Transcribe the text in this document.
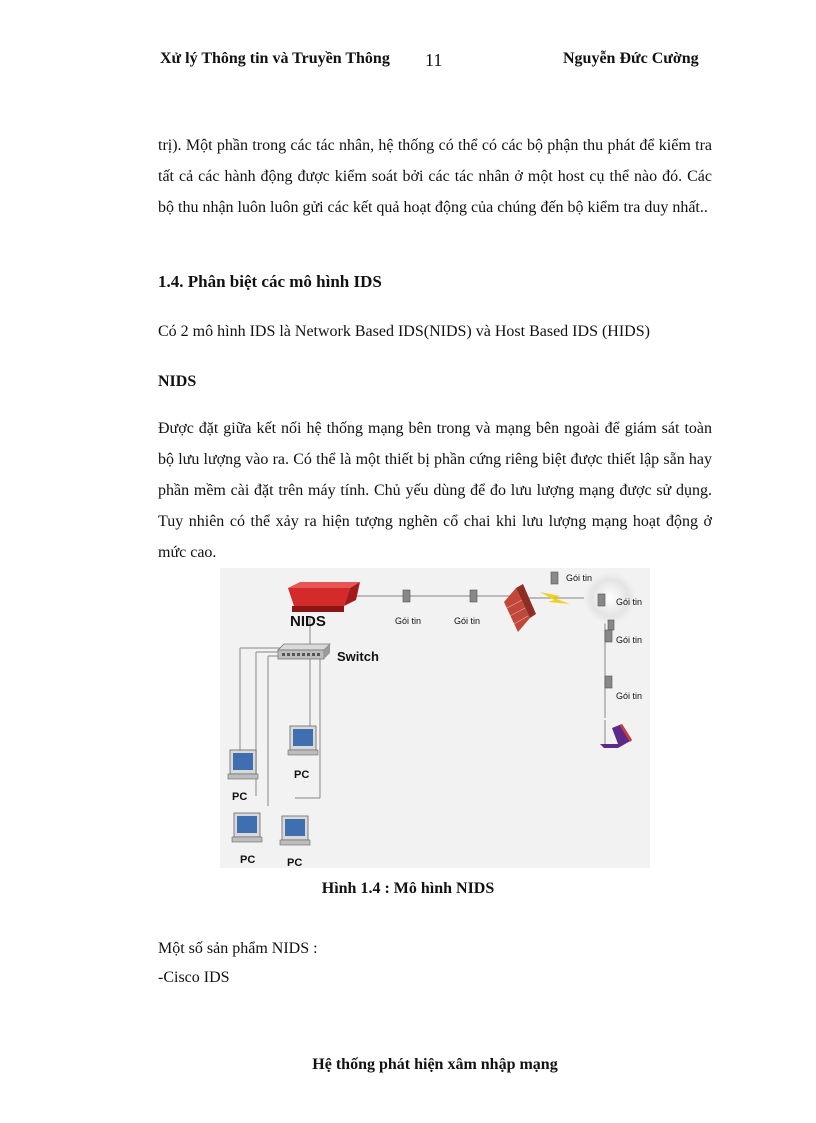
Xử lý Thông tin và Truyền Thông 11	Nguyễn Đức Cường
trị). Một phần trong các tác nhân, hệ thống có thể có các bộ phận thu phát để kiểm tra tất cả các hành động được kiểm soát bởi các tác nhân ở một host cụ thể nào đó. Các bộ thu nhận luôn luôn gửi các kết quả hoạt động của chúng đến bộ kiểm tra duy nhất..
1.4. Phân biệt các mô hình IDS
Có 2 mô hình IDS là Network Based IDS(NIDS) và Host Based IDS (HIDS)
NIDS
Được đặt giữa kết nối hệ thống mạng bên trong và mạng bên ngoài để giám sát toàn bộ lưu lượng vào ra. Có thể là một thiết bị phần cứng riêng biệt được thiết lập sẵn hay phần mềm cài đặt trên máy tính. Chủ yếu dùng để đo lưu lượng mạng được sử dụng. Tuy nhiên có thể xảy ra hiện tượng nghẽn cổ chai khi lưu lượng mạng hoạt động ở mức cao.
NIDS
Switch
Gói tin	Gói tin
Gói tin
Gói tin
Gói tin
Gói tin
PC
PC
PC	PC
Hình 1.4 : Mô hình NIDS
Một số sản phẩm NIDS :
-Cisco IDS
Hệ thống phát hiện xâm nhập mạng
